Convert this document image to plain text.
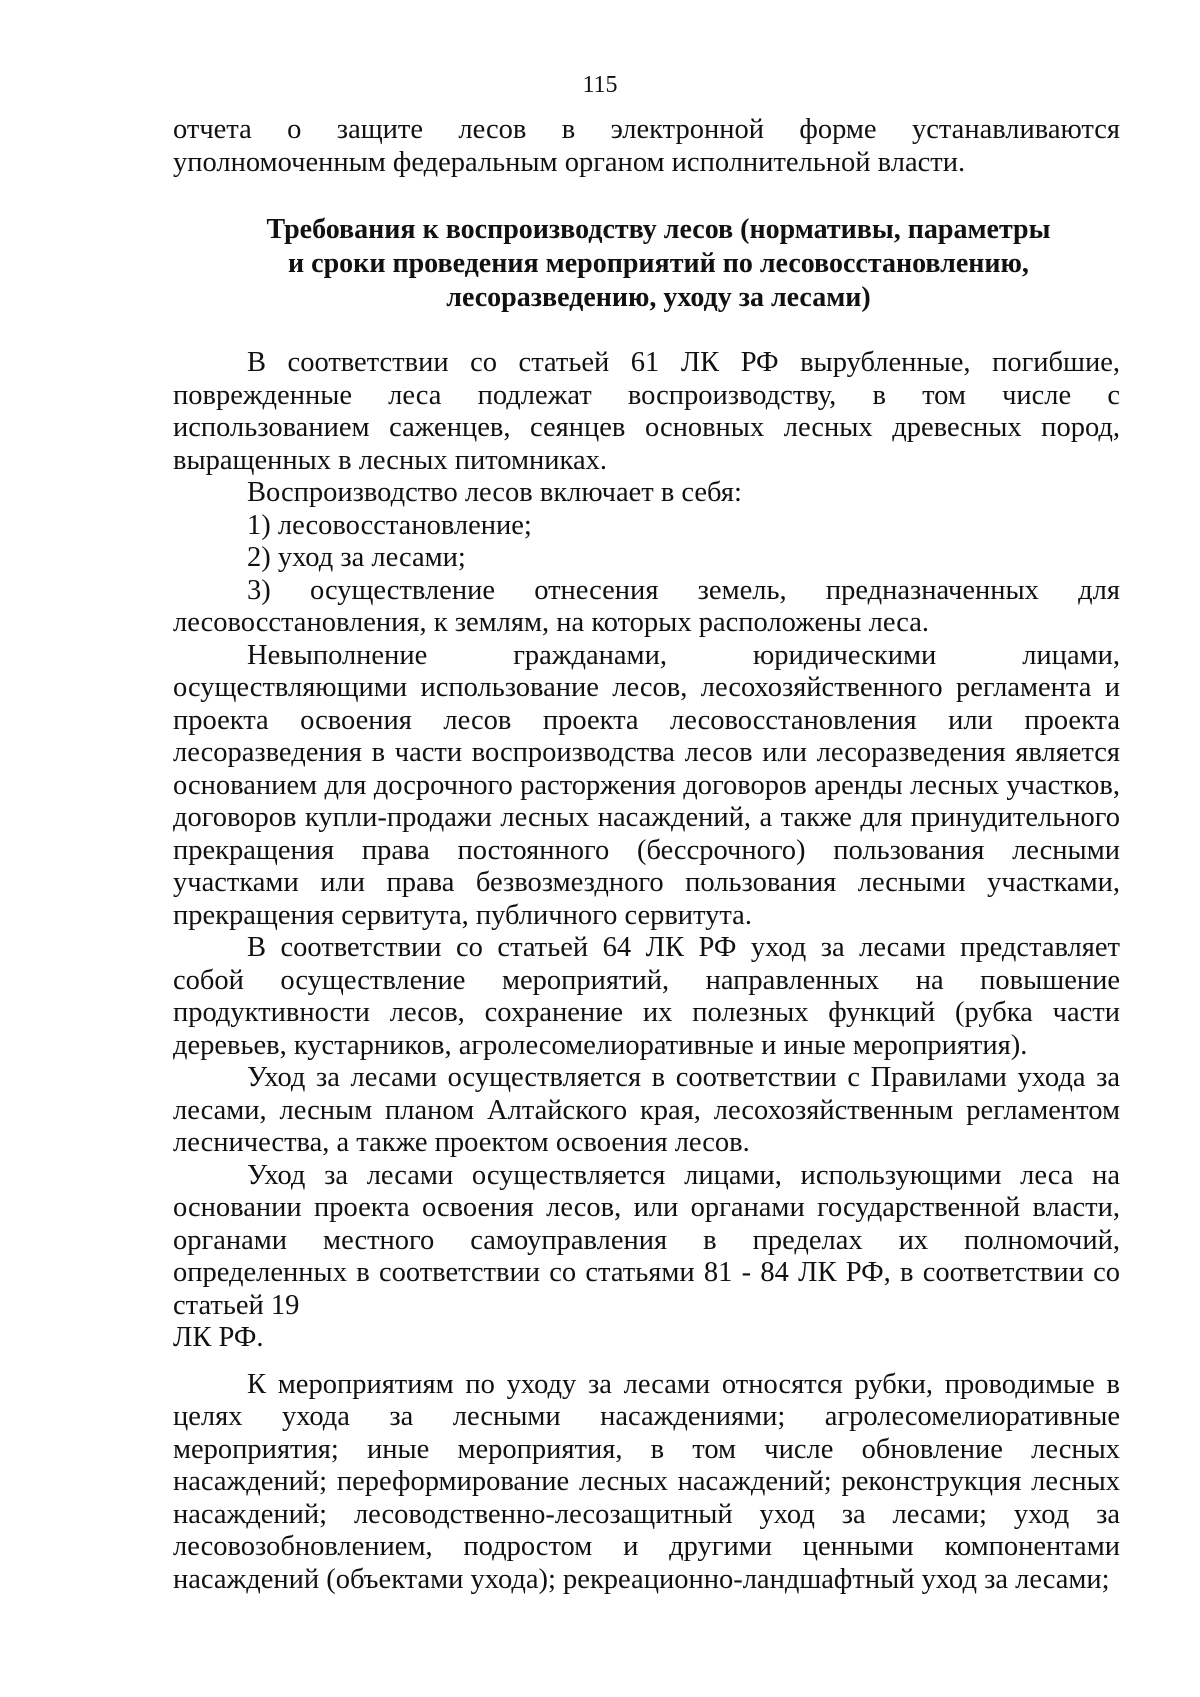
115

отчета о защите лесов в электронной форме устанавливаются уполномоченным федеральным органом исполнительной власти.

Требования к воспроизводству лесов (нормативы, параметры
и сроки проведения мероприятий по лесовосстановлению,
лесоразведению, уходу за лесами)

В соответствии со статьей 61 ЛК РФ вырубленные, погибшие, поврежденные леса подлежат воспроизводству, в том числе с использованием саженцев, сеянцев основных лесных древесных пород, выращенных в лесных питомниках.

Воспроизводство лесов включает в себя:

1) лесовосстановление;

2) уход за лесами;

3) осуществление отнесения земель, предназначенных для лесовосстановления, к землям, на которых расположены леса.

Невыполнение гражданами, юридическими лицами, осуществляющими использование лесов, лесохозяйственного регламента и проекта освоения лесов проекта лесовосстановления или проекта лесоразведения в части воспроизводства лесов или лесоразведения является основанием для досрочного расторжения договоров аренды лесных участков, договоров купли-продажи лесных насаждений, а также для принудительного прекращения права постоянного (бессрочного) пользования лесными участками или права безвозмездного пользования лесными участками, прекращения сервитута, публичного сервитута.

В соответствии со статьей 64 ЛК РФ уход за лесами представляет собой осуществление мероприятий, направленных на повышение продуктивности лесов, сохранение их полезных функций (рубка части деревьев, кустарников, агролесомелиоративные и иные мероприятия).

Уход за лесами осуществляется в соответствии с Правилами ухода за лесами, лесным планом Алтайского края, лесохозяйственным регламентом лесничества, а также проектом освоения лесов.

Уход за лесами осуществляется лицами, использующими леса на основании проекта освоения лесов, или органами государственной власти, органами местного самоуправления в пределах их полномочий, определенных в соответствии со статьями 81 - 84 ЛК РФ, в соответствии со статьей 19

ЛК РФ.

К мероприятиям по уходу за лесами относятся рубки, проводимые в целях ухода за лесными насаждениями; агролесомелиоративные мероприятия; иные мероприятия, в том числе обновление лесных насаждений; переформирование лесных насаждений; реконструкция лесных насаждений; лесоводственно-лесозащитный уход за лесами; уход за лесовозобновлением, подростом и другими ценными компонентами насаждений (объектами ухода); рекреационно-ландшафтный уход за лесами;
